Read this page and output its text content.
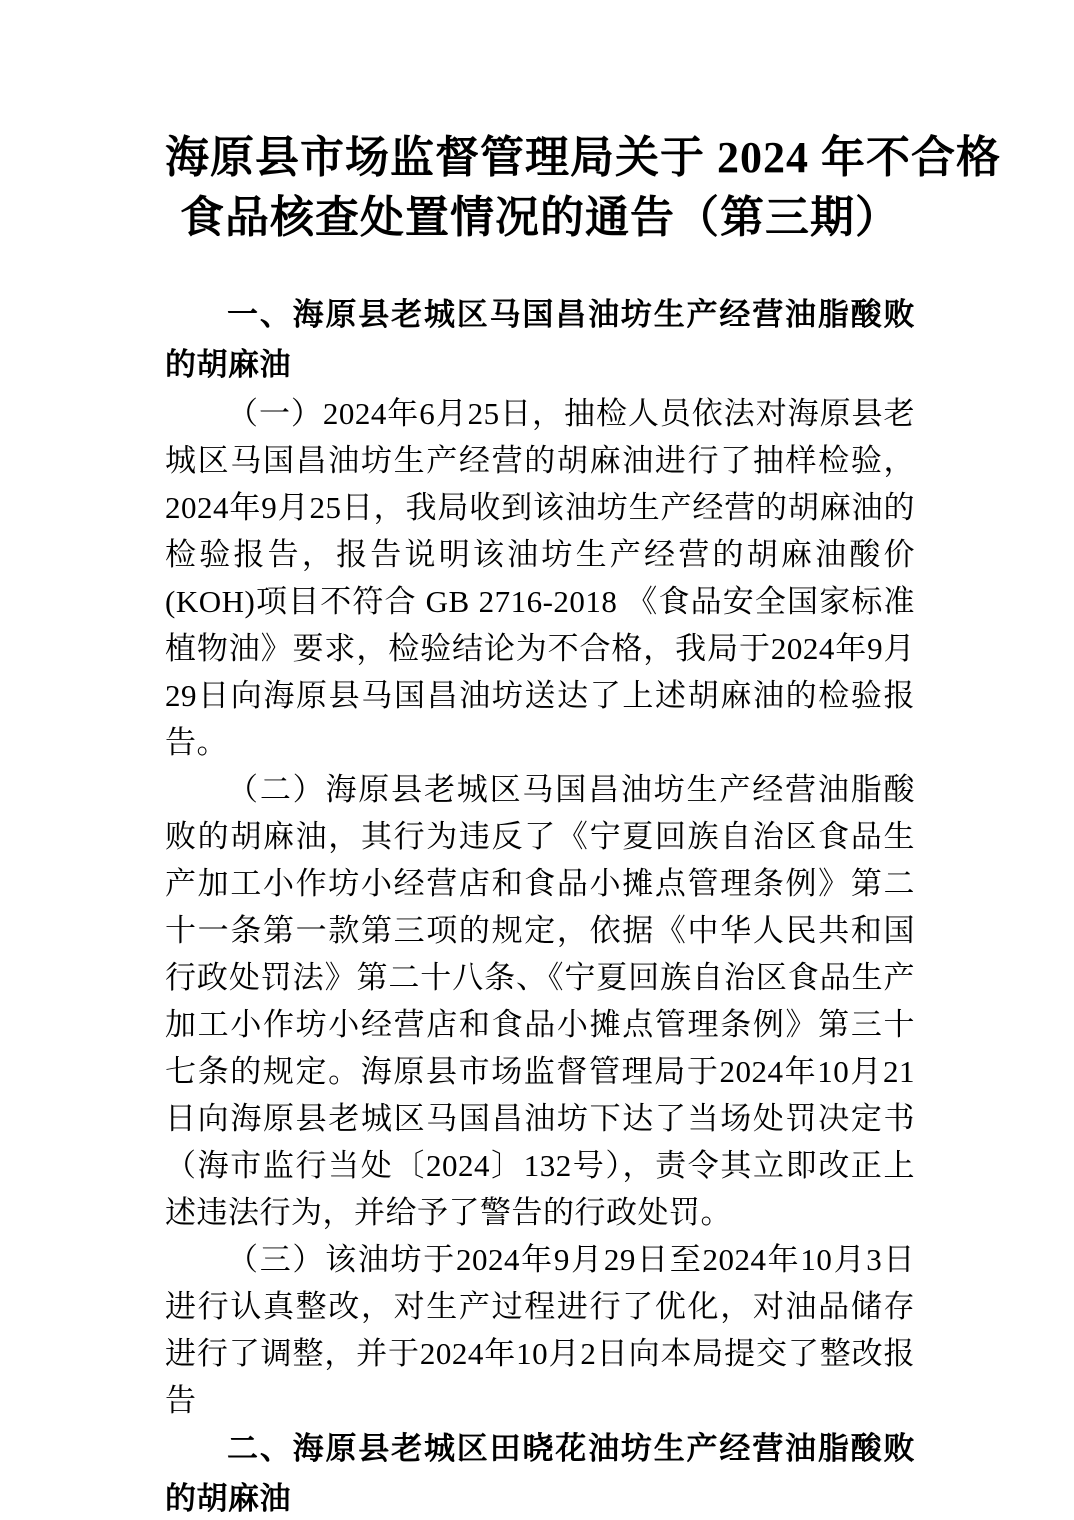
海原县市场监督管理局关于 2024 年不合格
食品核查处置情况的通告（第三期）
一、海原县老城区马国昌油坊生产经营油脂酸败的胡麻油

（一）2024年6月25日，抽检人员依法对海原县老城区马国昌油坊生产经营的胡麻油进行了抽样检验，2024年9月25日，我局收到该油坊生产经营的胡麻油的检验报告，报告说明该油坊生产经营的胡麻油酸价(KOH)项目不符合 GB 2716-2018 《食品安全国家标准 植物油》要求，检验结论为不合格，我局于2024年9月29日向海原县马国昌油坊送达了上述胡麻油的检验报告。

（二）海原县老城区马国昌油坊生产经营油脂酸败的胡麻油，其行为违反了《宁夏回族自治区食品生产加工小作坊小经营店和食品小摊点管理条例》第二十一条第一款第三项的规定，依据《中华人民共和国行政处罚法》第二十八条、《宁夏回族自治区食品生产加工小作坊小经营店和食品小摊点管理条例》第三十七条的规定。海原县市场监督管理局于2024年10月21日向海原县老城区马国昌油坊下达了当场处罚决定书（海市监行当处〔2024〕132号），责令其立即改正上述违法行为，并给予了警告的行政处罚。

（三）该油坊于2024年9月29日至2024年10月3日进行认真整改，对生产过程进行了优化，对油品储存进行了调整，并于2024年10月2日向本局提交了整改报告

二、海原县老城区田晓花油坊生产经营油脂酸败的胡麻油
